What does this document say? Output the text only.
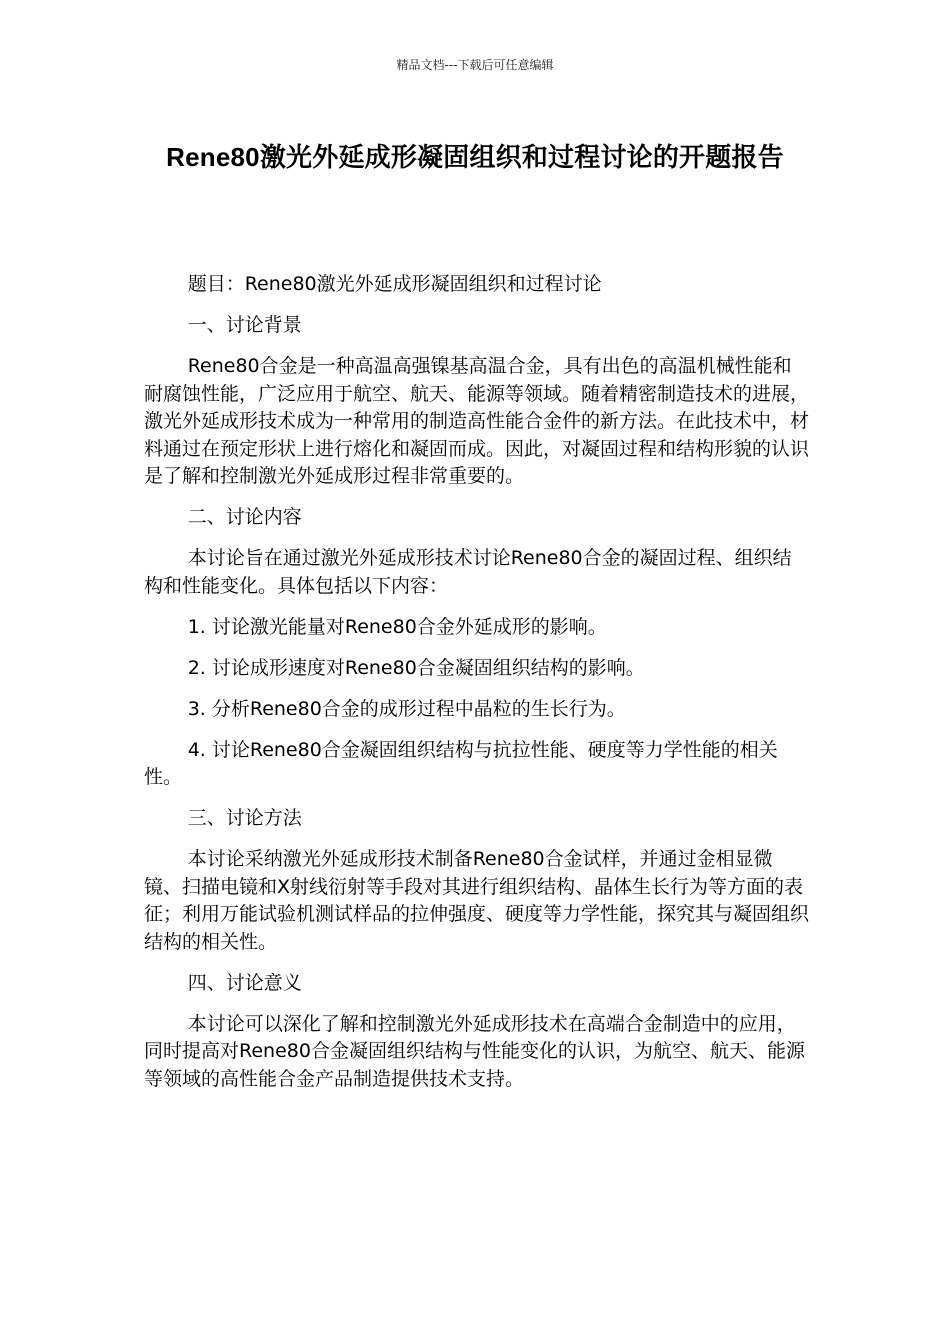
精品文档---下载后可任意编辑
Rene80激光外延成形凝固组织和过程讨论的开题报告

题目：Rene80激光外延成形凝固组织和过程讨论

一、讨论背景

Rene80合金是一种高温高强镍基高温合金，具有出色的高温机械性能和耐腐蚀性能，广泛应用于航空、航天、能源等领域。随着精密制造技术的进展，激光外延成形技术成为一种常用的制造高性能合金件的新方法。在此技术中，材料通过在预定形状上进行熔化和凝固而成。因此，对凝固过程和结构形貌的认识是了解和控制激光外延成形过程非常重要的。

二、讨论内容

本讨论旨在通过激光外延成形技术讨论Rene80合金的凝固过程、组织结构和性能变化。具体包括以下内容：

1. 讨论激光能量对Rene80合金外延成形的影响。

2. 讨论成形速度对Rene80合金凝固组织结构的影响。

3. 分析Rene80合金的成形过程中晶粒的生长行为。

4. 讨论Rene80合金凝固组织结构与抗拉性能、硬度等力学性能的相关性。

三、讨论方法

本讨论采纳激光外延成形技术制备Rene80合金试样，并通过金相显微镜、扫描电镜和X射线衍射等手段对其进行组织结构、晶体生长行为等方面的表征；利用万能试验机测试样品的拉伸强度、硬度等力学性能，探究其与凝固组织结构的相关性。

四、讨论意义

本讨论可以深化了解和控制激光外延成形技术在高端合金制造中的应用，同时提高对Rene80合金凝固组织结构与性能变化的认识，为航空、航天、能源等领域的高性能合金产品制造提供技术支持。
